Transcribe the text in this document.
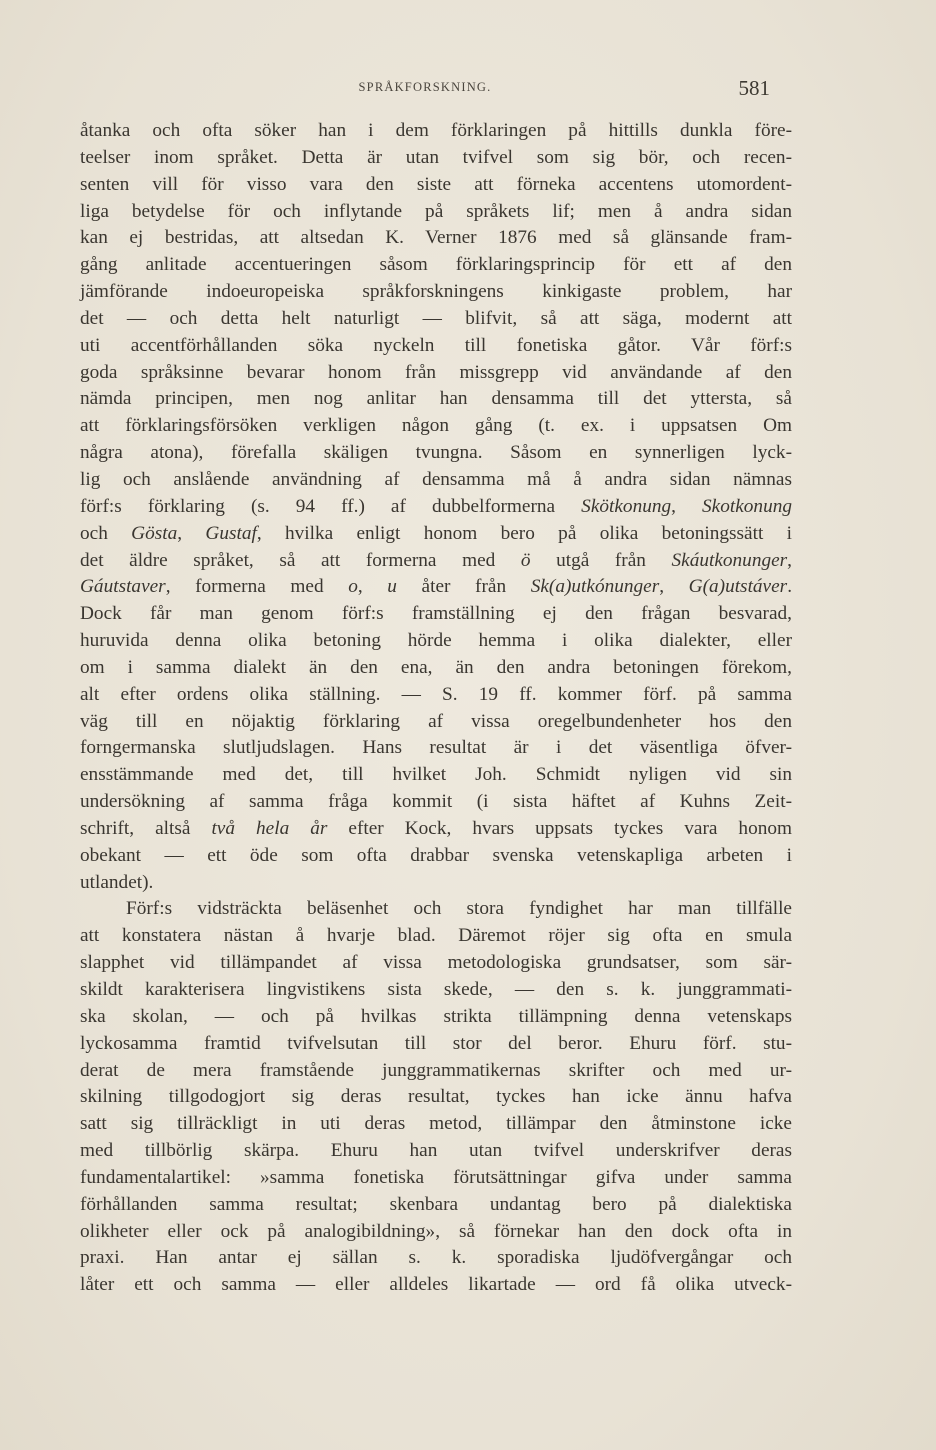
SPRÅKFORSKNING.	581
åtanka och ofta söker han i dem förklaringen på hittills dunkla före-
teelser inom språket. Detta är utan tvifvel som sig bör, och recen-
senten vill för visso vara den siste att förneka accentens utomordent-
liga betydelse för och inflytande på språkets lif; men å andra sidan
kan ej bestridas, att altsedan K. Verner 1876 med så glänsande fram-
gång anlitade accentueringen såsom förklaringsprincip för ett af den
jämförande indoeuropeiska språkforskningens kinkigaste problem, har
det — och detta helt naturligt — blifvit, så att säga, modernt att
uti accentförhållanden söka nyckeln till fonetiska gåtor. Vår förf:s
goda språksinne bevarar honom från missgrepp vid användande af den
nämda principen, men nog anlitar han densamma till det yttersta, så
att förklaringsförsöken verkligen någon gång (t. ex. i uppsatsen Om
några atona), förefalla skäligen tvungna. Såsom en synnerligen lyck-
lig och anslående användning af densamma må å andra sidan nämnas
förf:s förklaring (s. 94 ff.) af dubbelformerna Skötkonung, Skotkonung
och Gösta, Gustaf, hvilka enligt honom bero på olika betoningssätt i
det äldre språket, så att formerna med ö utgå från Skáutkonunger,
Gáutstaver, formerna med o, u åter från Sk(a)utkónunger, G(a)utstáver.
Dock får man genom förf:s framställning ej den frågan besvarad,
huruvida denna olika betoning hörde hemma i olika dialekter, eller
om i samma dialekt än den ena, än den andra betoningen förekom,
alt efter ordens olika ställning. — S. 19 ff. kommer förf. på samma
väg till en nöjaktig förklaring af vissa oregelbundenheter hos den
forngermanska slutljudslagen. Hans resultat är i det väsentliga öfver-
ensstämmande med det, till hvilket Joh. Schmidt nyligen vid sin
undersökning af samma fråga kommit (i sista häftet af Kuhns Zeit-
schrift, altså två hela år efter Kock, hvars uppsats tyckes vara honom
obekant — ett öde som ofta drabbar svenska vetenskapliga arbeten i
utlandet).
Förf:s vidsträckta beläsenhet och stora fyndighet har man tillfälle
att konstatera nästan å hvarje blad. Däremot röjer sig ofta en smula
slapphet vid tillämpandet af vissa metodologiska grundsatser, som sär-
skildt karakterisera lingvistikens sista skede, — den s. k. junggrammati-
ska skolan, — och på hvilkas strikta tillämpning denna vetenskaps
lyckosamma framtid tvifvelsutan till stor del beror. Ehuru förf. stu-
derat de mera framstående junggrammatikernas skrifter och med ur-
skilning tillgodogjort sig deras resultat, tyckes han icke ännu hafva
satt sig tillräckligt in uti deras metod, tillämpar den åtminstone icke
med tillbörlig skärpa. Ehuru han utan tvifvel underskrifver deras
fundamentalartikel: »samma fonetiska förutsättningar gifva under samma
förhållanden samma resultat; skenbara undantag bero på dialektiska
olikheter eller ock på analogibildning», så förnekar han den dock ofta in
praxi. Han antar ej sällan s. k. sporadiska ljudöfvergångar och
låter ett och samma — eller alldeles likartade — ord få olika utveck-
